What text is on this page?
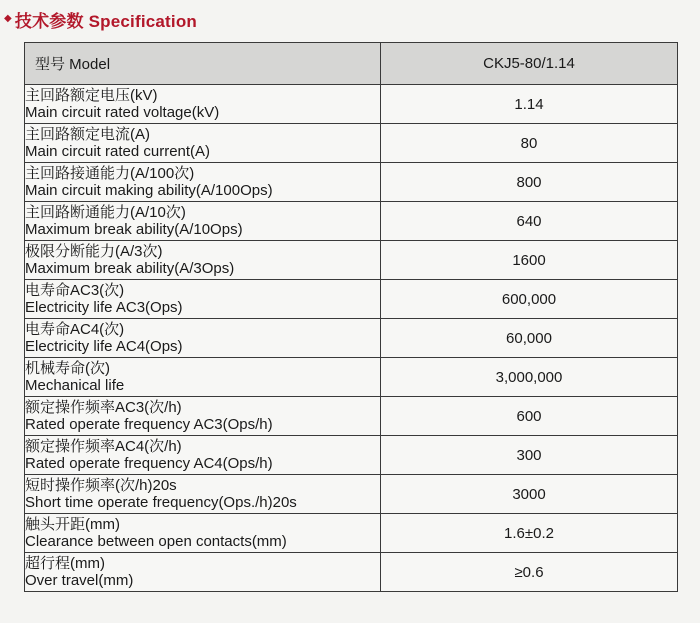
◆ 技术参数 Specification
型号 Model	CKJ5-80/1.14

主回路额定电压(kV)
Main circuit rated voltage(kV)	1.14

主回路额定电流(A)
Main circuit rated current(A)	80

主回路接通能力(A/100次)
Main circuit making ability(A/100Ops)	800

主回路断通能力(A/10次)
Maximum break ability(A/10Ops)	640

极限分断能力(A/3次)
Maximum break ability(A/3Ops)	1600

电寿命AC3(次)
Electricity life AC3(Ops)	600,000

电寿命AC4(次)
Electricity life AC4(Ops)	60,000

机械寿命(次)
Mechanical life	3,000,000

额定操作频率AC3(次/h)
Rated operate frequency AC3(Ops/h)	600

额定操作频率AC4(次/h)
Rated operate frequency AC4(Ops/h)	300

短时操作频率(次/h)20s
Short time operate frequency(Ops./h)20s	3000

触头开距(mm)
Clearance between open contacts(mm)	1.6±0.2

超行程(mm)
Over travel(mm)	≥0.6
